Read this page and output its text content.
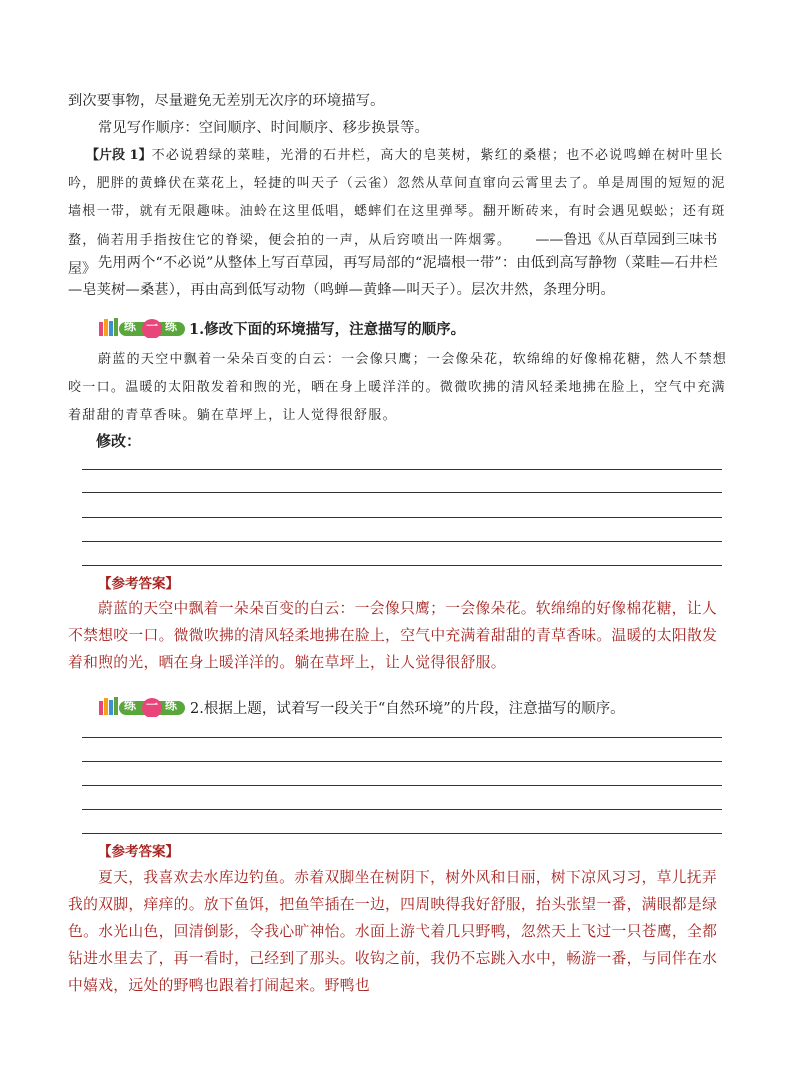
到次要事物，尽量避免无差别无次序的环境描写。
常见写作顺序：空间顺序、时间顺序、移步换景等。
【片段 1】不必说碧绿的菜畦，光滑的石井栏，高大的皂荚树，紫红的桑椹；也不必说鸣蝉在树叶里长吟，肥胖的黄蜂伏在菜花上，轻捷的叫天子（云雀）忽然从草间直窜向云霄里去了。单是周围的短短的泥墙根一带，就有无限趣味。油蛉在这里低唱，蟋蟀们在这里弹琴。翻开断砖来，有时会遇见蜈蚣；还有斑蝥，倘若用手指按住它的脊梁，便会拍的一声，从后窍喷出一阵烟雾。 ——鲁迅《从百草园到三味书屋》 先用两个“不必说”从整体上写百草园，再写局部的“泥墙根一带”：由低到高写静物（菜畦—石井栏—皂荚树—桑葚），再由高到低写动物（鸣蝉—黄蜂—叫天子）。层次井然，条理分明。
练 一 练 1.修改下面的环境描写，注意描写的顺序。
蔚蓝的天空中飘着一朵朵百变的白云：一会像只鹰；一会像朵花，软绵绵的好像棉花糖，然人不禁想咬一口。温暖的太阳散发着和煦的光，晒在身上暖洋洋的。微微吹拂的清风轻柔地拂在脸上，空气中充满着甜甜的青草香味。躺在草坪上，让人觉得很舒服。
修改：
【参考答案】
蔚蓝的天空中飘着一朵朵百变的白云：一会像只鹰；一会像朵花。软绵绵的好像棉花糖，让人不禁想咬一口。微微吹拂的清风轻柔地拂在脸上，空气中充满着甜甜的青草香味。温暖的太阳散发着和煦的光，晒在身上暖洋洋的。躺在草坪上，让人觉得很舒服。
练 一 练 2.根据上题，试着写一段关于“自然环境”的片段，注意描写的顺序。
【参考答案】
夏天，我喜欢去水库边钓鱼。赤着双脚坐在树阴下，树外风和日丽，树下凉风习习，草儿抚弄我的双脚，痒痒的。放下鱼饵，把鱼竿插在一边，四周映得我好舒服，抬头张望一番，满眼都是绿色。水光山色，回清倒影，令我心旷神怡。水面上游弋着几只野鸭，忽然天上飞过一只苍鹰，全都钻进水里去了，再一看时，己经到了那头。收钩之前，我仍不忘跳入水中，畅游一番，与同伴在水中嬉戏，远处的野鸭也跟着打闹起来。野鸭也
